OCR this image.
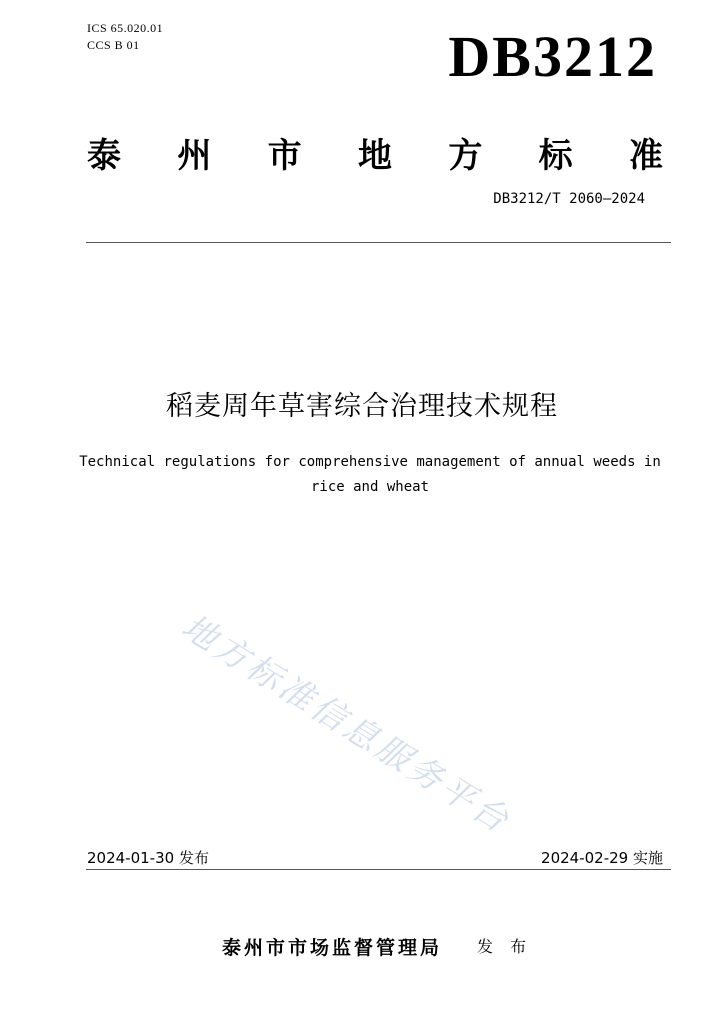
ICS 65.020.01
CCS B 01	DB3212
泰 州 市 地 方 标 准
DB3212/T 2060—2024
稻麦周年草害综合治理技术规程
Technical regulations for comprehensive management of annual weeds in rice and wheat
地方标准信息服务平台
2024-01-30 发布	2024-02-29 实施
泰州市市场监督管理局 发 布
